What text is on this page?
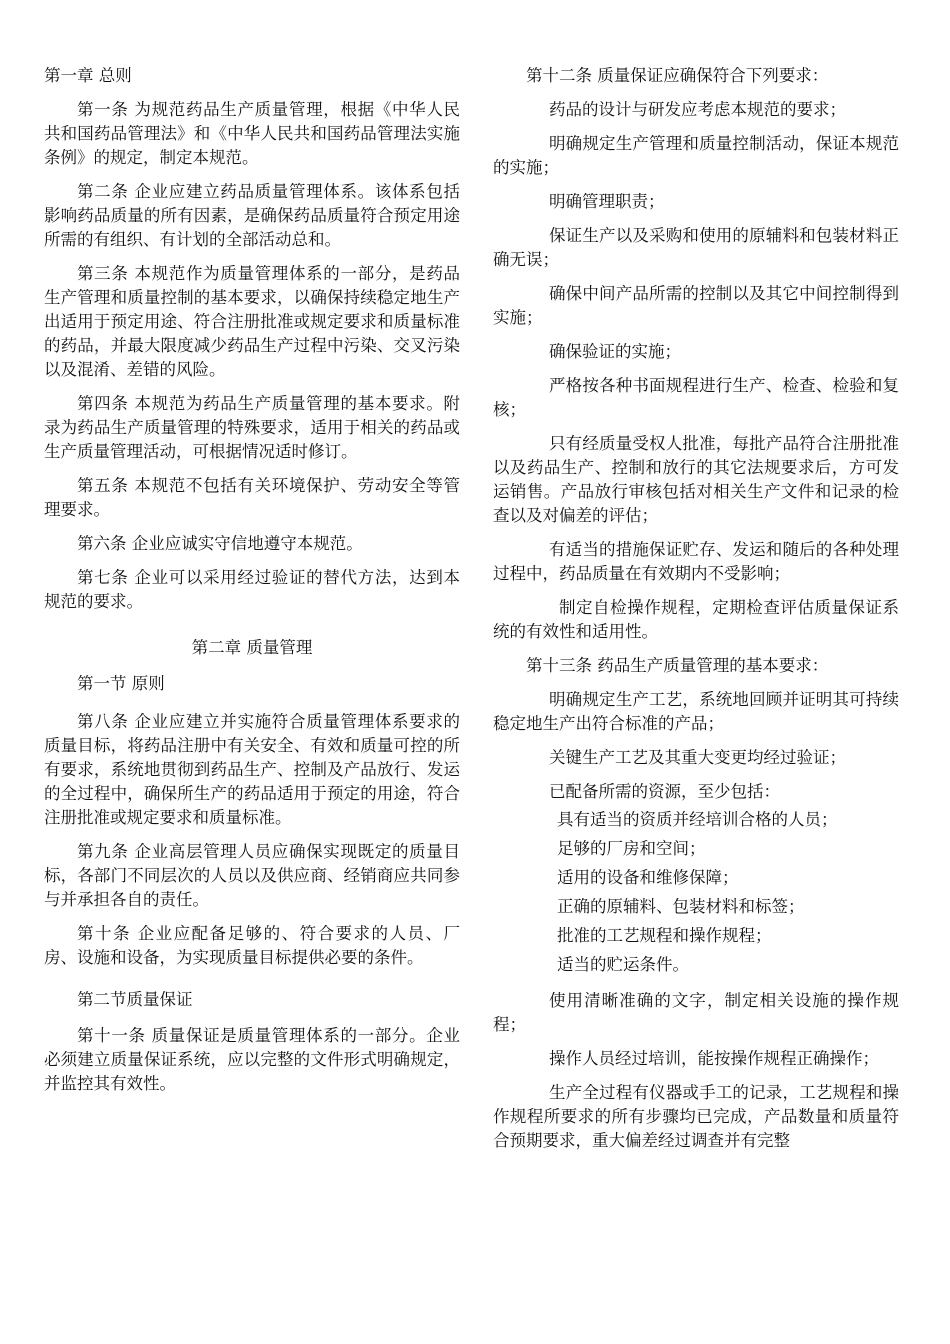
第一章 总则

第一条 为规范药品生产质量管理，根据《中华人民共和国药品管理法》和《中华人民共和国药品管理法实施条例》的规定，制定本规范。

第二条 企业应建立药品质量管理体系。该体系包括影响药品质量的所有因素，是确保药品质量符合预定用途所需的有组织、有计划的全部活动总和。

第三条 本规范作为质量管理体系的一部分，是药品生产管理和质量控制的基本要求，以确保持续稳定地生产出适用于预定用途、符合注册批准或规定要求和质量标准的药品，并最大限度减少药品生产过程中污染、交叉污染以及混淆、差错的风险。

第四条 本规范为药品生产质量管理的基本要求。附录为药品生产质量管理的特殊要求，适用于相关的药品或生产质量管理活动，可根据情况适时修订。

第五条 本规范不包括有关环境保护、劳动安全等管理要求。

第六条 企业应诚实守信地遵守本规范。

第七条 企业可以采用经过验证的替代方法，达到本规范的要求。

第二章 质量管理

第一节 原则

第八条 企业应建立并实施符合质量管理体系要求的质量目标，将药品注册中有关安全、有效和质量可控的所有要求，系统地贯彻到药品生产、控制及产品放行、发运的全过程中，确保所生产的药品适用于预定的用途，符合注册批准或规定要求和质量标准。

第九条 企业高层管理人员应确保实现既定的质量目标，各部门不同层次的人员以及供应商、经销商应共同参与并承担各自的责任。

第十条 企业应配备足够的、符合要求的人员、厂房、设施和设备，为实现质量目标提供必要的条件。

第二节质量保证

第十一条 质量保证是质量管理体系的一部分。企业必须建立质量保证系统，应以完整的文件形式明确规定，并监控其有效性。

第十二条 质量保证应确保符合下列要求：

药品的设计与研发应考虑本规范的要求；

明确规定生产管理和质量控制活动，保证本规范的实施；

明确管理职责；

保证生产以及采购和使用的原辅料和包装材料正确无误；

确保中间产品所需的控制以及其它中间控制得到实施；

确保验证的实施；

严格按各种书面规程进行生产、检查、检验和复核；

只有经质量受权人批准，每批产品符合注册批准以及药品生产、控制和放行的其它法规要求后，方可发运销售。产品放行审核包括对相关生产文件和记录的检查以及对偏差的评估；

有适当的措施保证贮存、发运和随后的各种处理过程中，药品质量在有效期内不受影响；

制定自检操作规程，定期检查评估质量保证系统的有效性和适用性。

第十三条 药品生产质量管理的基本要求：

明确规定生产工艺，系统地回顾并证明其可持续稳定地生产出符合标准的产品；

关键生产工艺及其重大变更均经过验证；

已配备所需的资源，至少包括：

具有适当的资质并经培训合格的人员；
足够的厂房和空间；
适用的设备和维修保障；
正确的原辅料、包装材料和标签；
批准的工艺规程和操作规程；
适当的贮运条件。

使用清晰准确的文字，制定相关设施的操作规程；

操作人员经过培训，能按操作规程正确操作；

生产全过程有仪器或手工的记录，工艺规程和操作规程所要求的所有步骤均已完成，产品数量和质量符合预期要求，重大偏差经过调查并有完整
